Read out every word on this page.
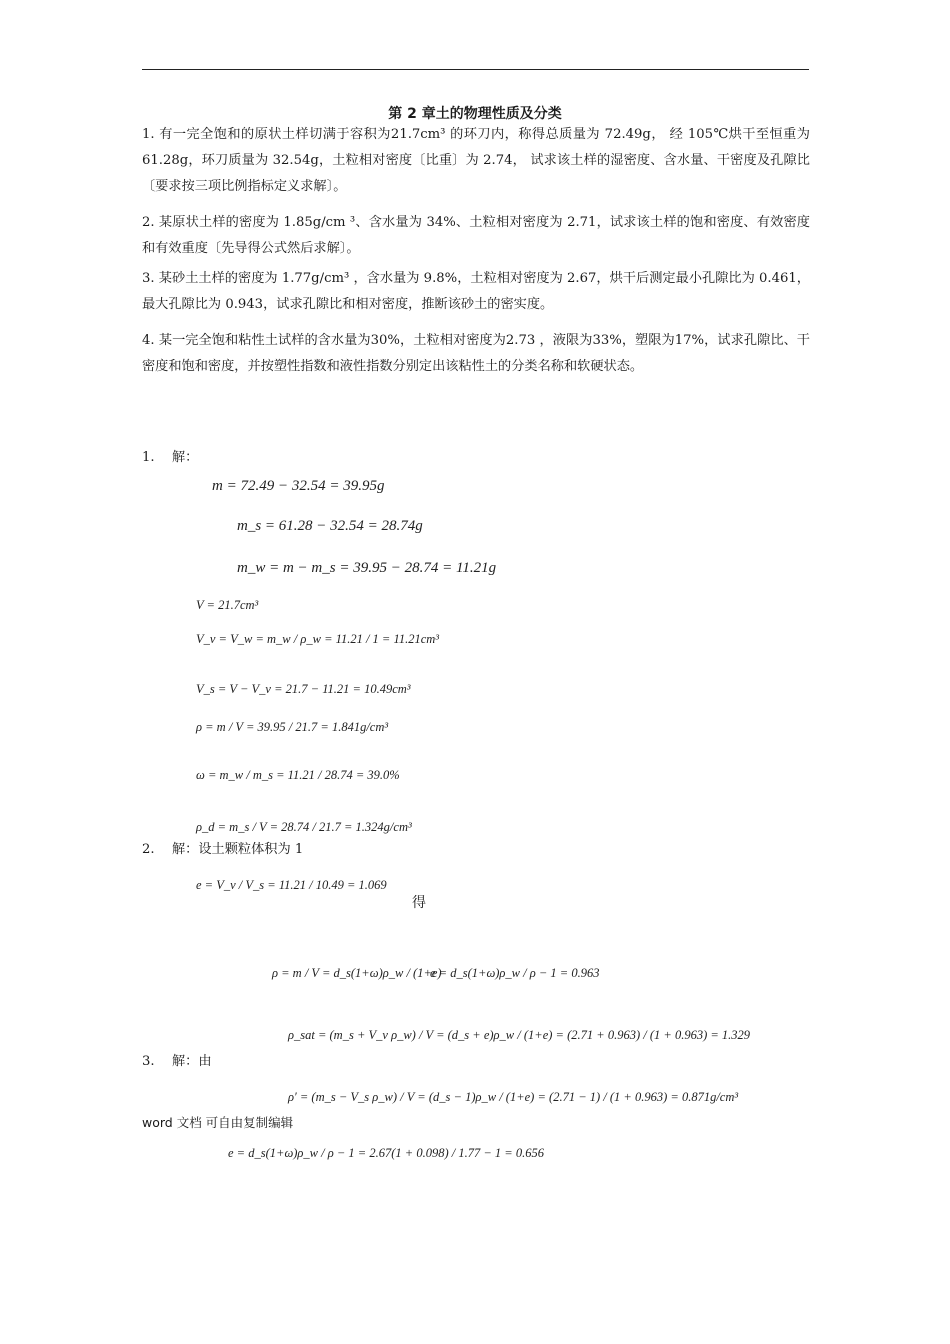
第 2 章土的物理性质及分类
1. 有一完全饱和的原状土样切满于容积为21.7cm³ 的环刀内，称得总质量为 72.49g， 经 105℃烘干至恒重为 61.28g，环刀质量为 32.54g，土粒相对密度〔比重〕为 2.74， 试求该土样的湿密度、含水量、干密度及孔隙比〔要求按三项比例指标定义求解〕。
2. 某原状土样的密度为 1.85g/cm ³、含水量为 34%、土粒相对密度为 2.71，试求该土样的饱和密度、有效密度和有效重度〔先导得公式然后求解〕。
3. 某砂土土样的密度为 1.77g/cm³ ，含水量为 9.8%，土粒相对密度为 2.67，烘干后测定最小孔隙比为 0.461，最大孔隙比为 0.943，试求孔隙比和相对密度，推断该砂土的密实度。
4. 某一完全饱和粘性土试样的含水量为30%，土粒相对密度为2.73 ，液限为33%，塑限为17%，试求孔隙比、干密度和饱和密度，并按塑性指数和液性指数分别定出该粘性土的分类名称和软硬状态。
1.　 解：
m = 72.49 − 32.54 = 39.95g
m_s = 61.28 − 32.54 = 28.74g
m_w = m − m_s = 39.95 − 28.74 = 11.21g
V = 21.7cm³
V_v = V_w = m_w / ρ_w = 11.21 / 1 = 11.21cm³
V_s = V − V_v = 21.7 − 11.21 = 10.49cm³
ρ = m / V = 39.95 / 21.7 = 1.841g/cm³
ω = m_w / m_s = 11.21 / 28.74 = 39.0%
ρ_d = m_s / V = 28.74 / 21.7 = 1.324g/cm³
2.　 解：设土颗粒体积为 1
e = V_v / V_s = 11.21 / 10.49 = 1.069
得
ρ = m / V = d_s(1+ω)ρ_w / (1+e)
e = d_s(1+ω)ρ_w / ρ − 1 = 0.963
ρ_sat = (m_s + V_v ρ_w) / V = (d_s + e)ρ_w / (1+e) = (2.71 + 0.963) / (1 + 0.963) = 1.329
3.　 解：由
ρ′ = (m_s − V_s ρ_w) / V = (d_s − 1)ρ_w / (1+e) = (2.71 − 1) / (1 + 0.963) = 0.871g/cm³
word 文档 可自由复制编辑
e = d_s(1+ω)ρ_w / ρ − 1 = 2.67(1 + 0.098) / 1.77 − 1 = 0.656
